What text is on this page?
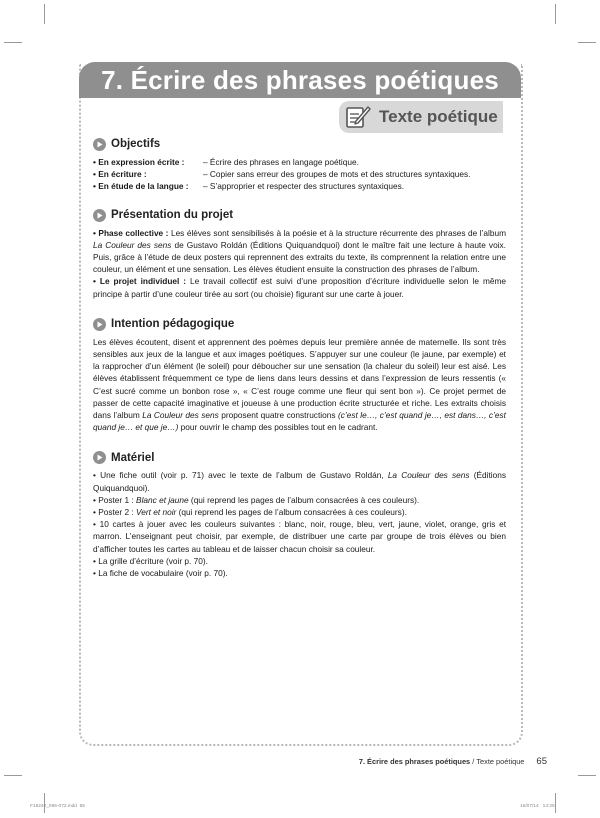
7. Écrire des phrases poétiques
Texte poétique
Objectifs
• En expression écrite :	– Écrire des phrases en langage poétique.
• En écriture :	– Copier sans erreur des groupes de mots et des structures syntaxiques.
• En étude de la langue :	– S’approprier et respecter des structures syntaxiques.
Présentation du projet

• Phase collective : Les élèves sont sensibilisés à la poésie et à la structure récurrente des phrases de l’album La Couleur des sens de Gustavo Roldán (Éditions Quiquandquoi) dont le maître fait une lecture à haute voix. Puis, grâce à l’étude de deux posters qui reprennent des extraits du texte, ils comprennent la relation entre une couleur, un élément et une sensation. Les élèves étudient ensuite la construction des phrases de l’album.

• Le projet individuel : Le travail collectif est suivi d’une proposition d’écriture individuelle selon le même principe à partir d’une couleur tirée au sort (ou choisie) figurant sur une carte à jouer.

Intention pédagogique

Les élèves écoutent, disent et apprennent des poèmes depuis leur première année de maternelle. Ils sont très sensibles aux jeux de la langue et aux images poétiques. S’appuyer sur une couleur (le jaune, par exemple) et la rapprocher d’un élément (le soleil) pour déboucher sur une sensation (la chaleur du soleil) leur est aisé. Les élèves établissent fréquemment ce type de liens dans leurs dessins et dans l’expression de leurs ressentis (« C’est sucré comme un bonbon rose », « C’est rouge comme une fleur qui sent bon »). Ce projet permet de passer de cette capacité imaginative et joueuse à une production écrite structurée et riche. Les extraits choisis dans l’album La Couleur des sens proposent quatre constructions (c’est le…, c’est quand je…, est dans…, c’est quand je… et que je…) pour ouvrir le champ des possibles tout en le cadrant.

Matériel

• Une fiche outil (voir p. 71) avec le texte de l’album de Gustavo Roldán, La Couleur des sens (Éditions Quiquandquoi).

• Poster 1 : Blanc et jaune (qui reprend les pages de l’album consacrées à ces couleurs).

• Poster 2 : Vert et noir (qui reprend les pages de l’album consacrées à ces couleurs).

• 10 cartes à jouer avec les couleurs suivantes : blanc, noir, rouge, bleu, vert, jaune, violet, orange, gris et marron. L’enseignant peut choisir, par exemple, de distribuer une carte par groupe de trois élèves ou bien d’afficher toutes les cartes au tableau et de laisser chacun choisir sa couleur.

• La grille d’écriture (voir p. 70).

• La fiche de vocabulaire (voir p. 70).

7. Écrire des phrases poétiques / Texte poétique 65
F16240_065-072.indd  65	16/07/14   14:25
